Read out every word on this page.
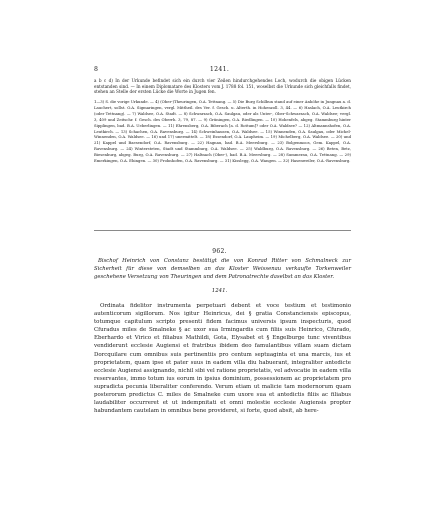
8	1241.
a b c d) In der Urkunde befindet sich ein durch vier Zeilen hindurchgehendes Loch, wodurch die obigen Lücken entstanden sind. — In einem Diplomatare des Klosters vom J. 1788 fol. 151, woselbst die Urkunde sich gleichfalls findet, stehen an Stelle der ersten Lücke die Worte in Jugen fen.
1—3) S. die vorige Urkunde. — 4) (Ober-)Theuringen, O.A. Tettnang. — 5) Die Burg Schilbun stand auf einer Anhöhe in Jungnau a. d. Lauchert, sollst. O.A. Sigmaringen, vergl. Mittheil. des Ver. f. Gesch. u. Alterth. in Hohenzoll. 3, 44. — 6) Haslach, O.A. Leutkirch (oder Tettnang). — 7) Waldsee, O.A. Stadt. — 8) Schwarzach, O.A. Saulgau, oder als Unter-, Ober-Schwarzach, O.A. Waldsee; vergl. 3, 409 und Zeitschr. f. Gesch. des Oberrh. 3, 79, 87. — 9) Grüningen, O.A. Riedlingen. — 10) Hohenfels, abgeg. Stammburg hinter Sipplingen, bad. B.A. Ueberlingen. — 11) Ehrensberg, O.A. Biberach [a. d. Rottum]? oder O.A. Waldsee? — 12) Altmannshofen, O.A. Leutkirch. — 13) Schachen, O.A. Ravensburg. — 14) Schweinhausen, O.A. Waldsee. — 15) Winnenden, O.A. Saulgau, oder Michel-Winnenden, O.A. Waldsee. — 16) und 17) unermittelt. — 18) Essendorf, O.A. Laupheim. — 19) Michelberg, O.A. Waldsee. — 20) und 21) Kappel und Baesendorf, O.A. Ravensburg. — 22) Hagnau, bad. B.A. Meersburg. — 23) Bolgenmoos, Gem. Kappel, O.A. Ravensburg. — 24) Wintersteten, Stadt und Stammburg, O.A. Waldsee. — 25) Waldburg, O.A. Ravensburg. — 26) Beten, Betz, Biesenburg, abgeg. Burg, O.A. Ravensburg. — 27) Haltnach (Ober-), bad. B.A. Meersburg. — 28) Summerau, O.A. Tettnang. — 29) Emerkingen, O.A. Ehingen. — 30) Frohnhofen, O.A. Ravensburg. — 31) Kisslegg, O.A. Wangen. — 32) Hasenweiler, O.A.-Ravensburg.
962.
Bischof Heinrich von Constanz bestätigt die von Konrad Ritter von Schmalneck zur Sicherheit für diese von demselben an das Kloster Weissenau verkaufte Torkenweiler geschehene Versetzung von Theuringen und dem Patronatrechte daselbst an das Kloster.
1241.
Ordinata fidelitor instrumenta perpetuari debent et voce testium et testimonio autenticorum sigillorum. Nos igitur Heinricus, dei § gratia Constanciensis episcopus, totumque capitulum scripto presenti fidem facimus universis ipsum inspecturis, quod Cfuradus miles de Smalneke § ac uxor sua Irmingardis cum filiis suis Heinrico, Cfurado, Eberhardo et Virico et filiabus Mathildi, Gota, Elysabet et § Engelburge tunc viventibus vendiderunt ecclesie Augiensi et fratribus ibidem deo famulantibus villam suam dictam Dorcquilare cum omnibus suis pertinentiis pro centum septuaginta et una marcis, ius et proprietatem, quam ipse et pater suus in eadem villa diu habuerant, integraliter antedicte ecclesie Augiensi assignando, nichil sibi vel ratione proprietatis, vel advocatie in eadem villa reservantes, immo totum ius eorum in ipsius dominium, possessionem ac proprietatem pro supradicta pecunia liberaliter conferendo. Verum etiam ut malicie tam modernorum quam posterorum predictus C. miles de Smalneke cum uxore sua et antedictis filiis ac filiabus laudabiliter occurreret et ut indempnitati et omni molestie ecclesie Augiensis propter habundantem cautelam in omnibus bene provideret, si forte, quod absit, ab here-
